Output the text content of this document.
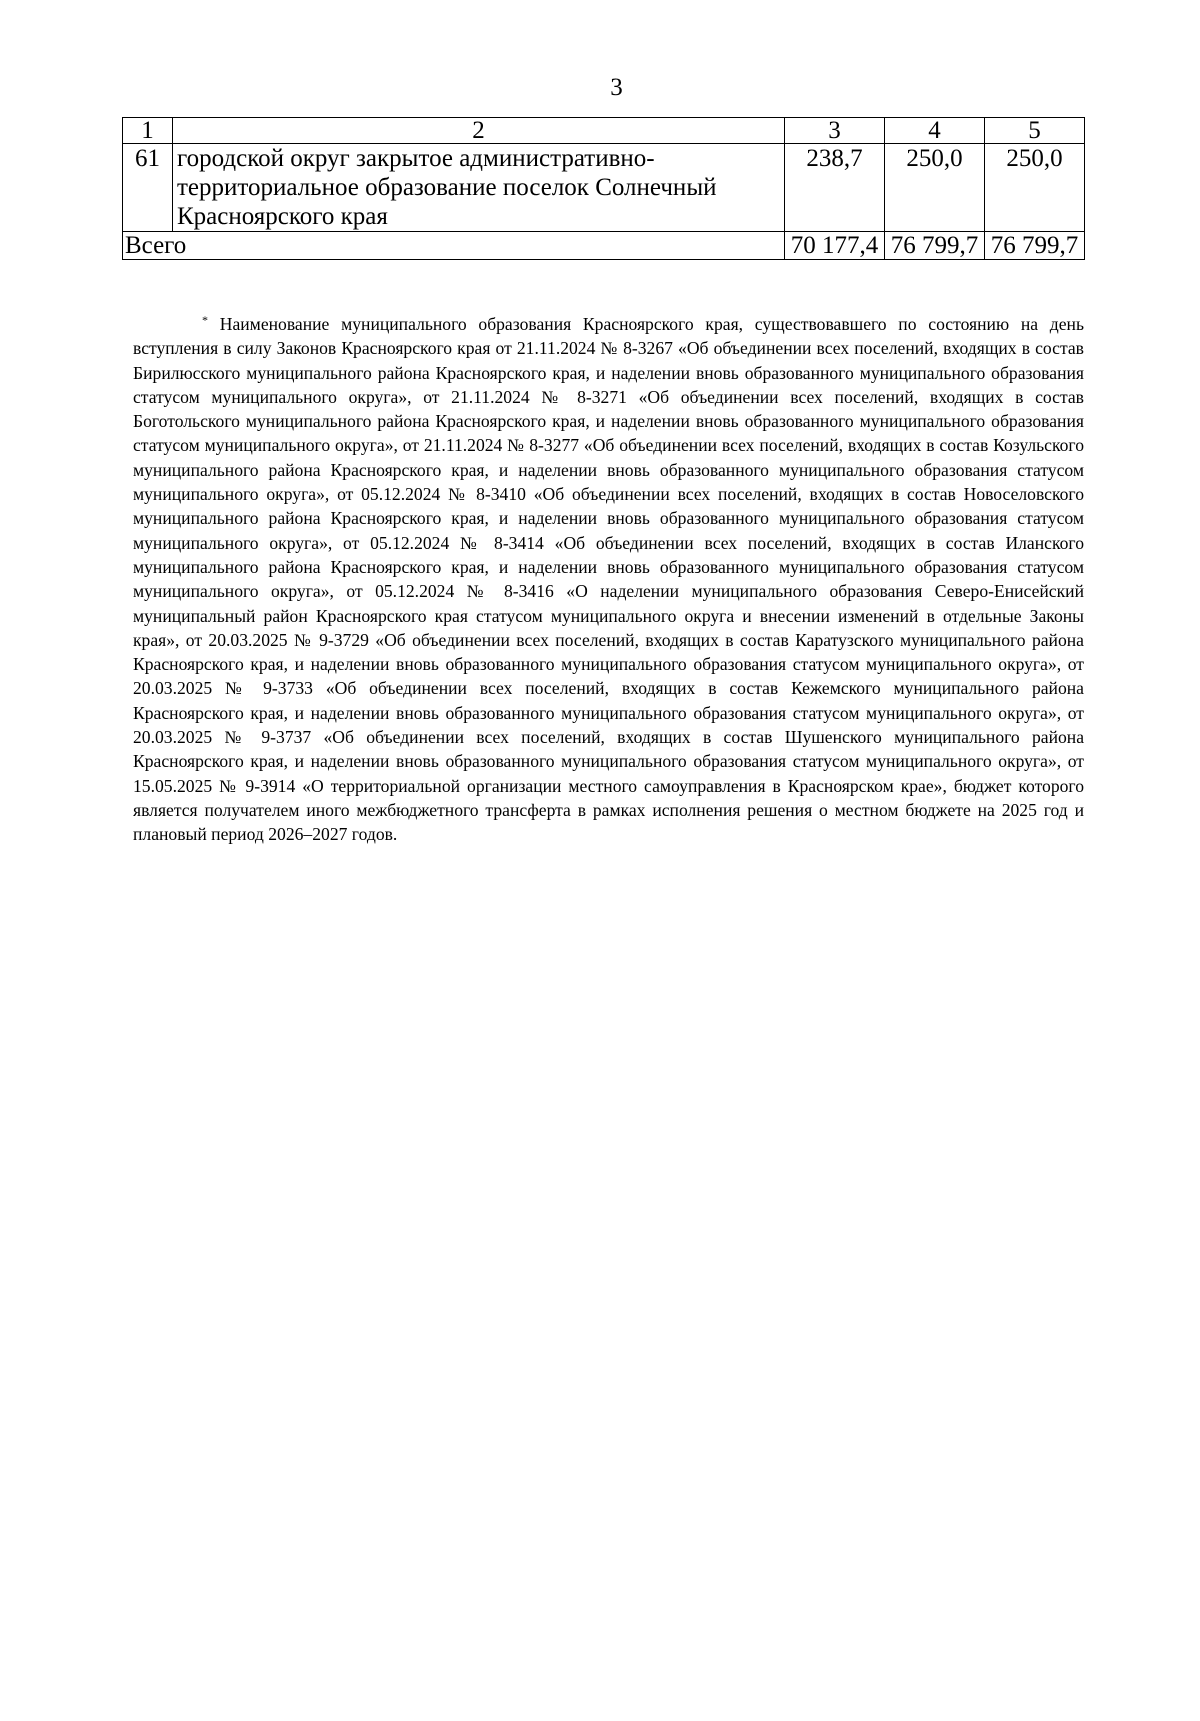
3
1	2	3	4	5
61	городской округ закрытое административно-территориальное образование поселок Солнечный Красноярского края	238,7	250,0	250,0
Всего		70 177,4	76 799,7	76 799,7
* Наименование муниципального образования Красноярского края, существовавшего по состоянию на день вступления в силу Законов Красноярского края от 21.11.2024 № 8-3267 «Об объединении всех поселений, входящих в состав Бирилюсского муниципального района Красноярского края, и наделении вновь образованного муниципального образования статусом муниципального округа», от 21.11.2024 № 8-3271 «Об объединении всех поселений, входящих в состав Боготольского муниципального района Красноярского края, и наделении вновь образованного муниципального образования статусом муниципального округа», от 21.11.2024 № 8-3277 «Об объединении всех поселений, входящих в состав Козульского муниципального района Красноярского края, и наделении вновь образованного муниципального образования статусом муниципального округа», от 05.12.2024 № 8-3410 «Об объединении всех поселений, входящих в состав Новоселовского муниципального района Красноярского края, и наделении вновь образованного муниципального образования статусом муниципального округа», от 05.12.2024 № 8-3414 «Об объединении всех поселений, входящих в состав Иланского муниципального района Красноярского края, и наделении вновь образованного муниципального образования статусом муниципального округа», от 05.12.2024 № 8-3416 «О наделении муниципального образования Северо-Енисейский муниципальный район Красноярского края статусом муниципального округа и внесении изменений в отдельные Законы края», от 20.03.2025 № 9-3729 «Об объединении всех поселений, входящих в состав Каратузского муниципального района Красноярского края, и наделении вновь образованного муниципального образования статусом муниципального округа», от 20.03.2025 № 9-3733 «Об объединении всех поселений, входящих в состав Кежемского муниципального района Красноярского края, и наделении вновь образованного муниципального образования статусом муниципального округа», от 20.03.2025 № 9-3737 «Об объединении всех поселений, входящих в состав Шушенского муниципального района Красноярского края, и наделении вновь образованного муниципального образования статусом муниципального округа», от 15.05.2025 № 9-3914 «О территориальной организации местного самоуправления в Красноярском крае», бюджет которого является получателем иного межбюджетного трансферта в рамках исполнения решения о местном бюджете на 2025 год и плановый период 2026–2027 годов.
